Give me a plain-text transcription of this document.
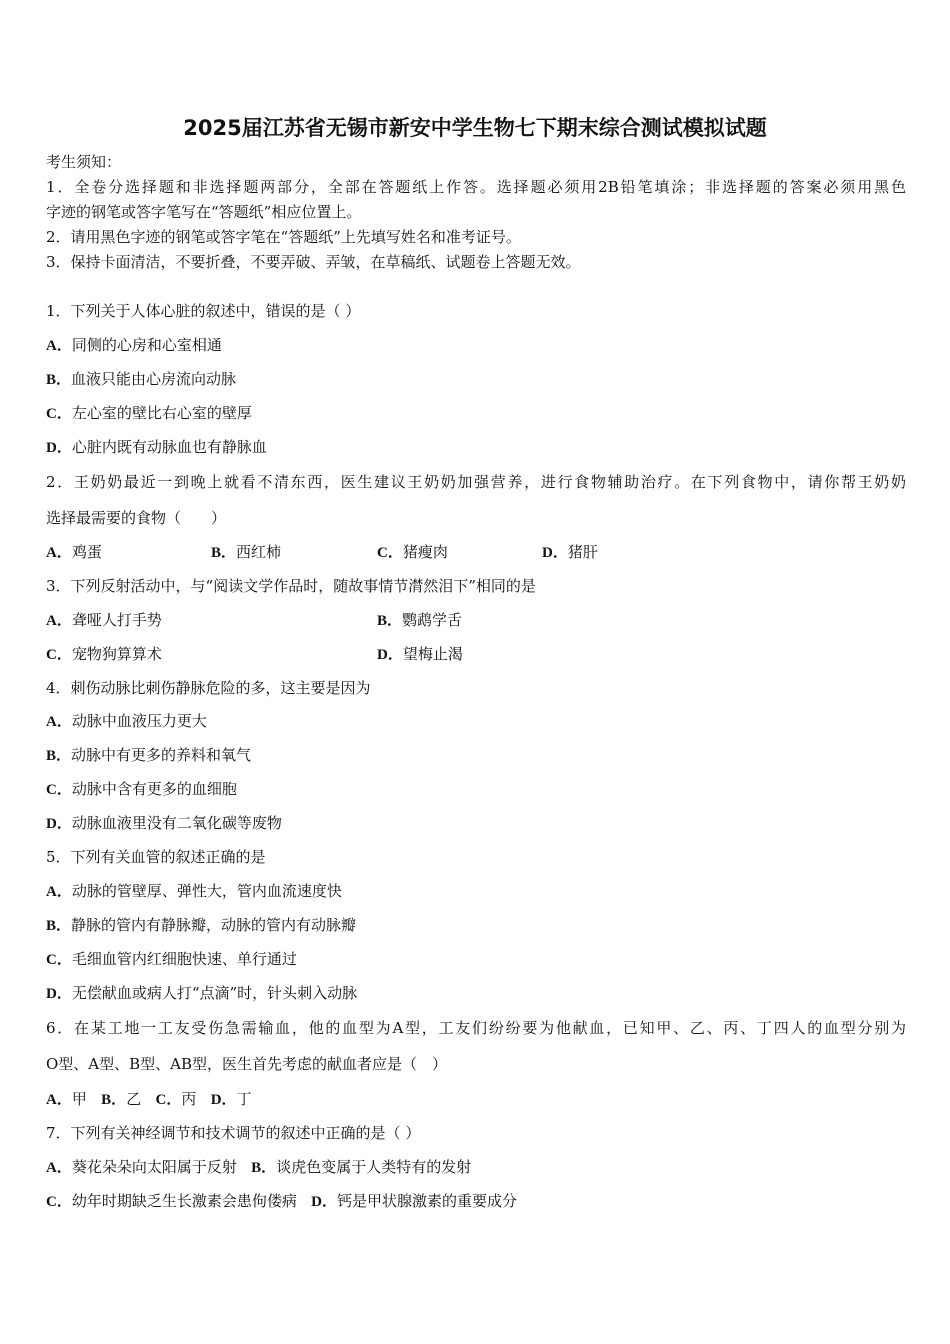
2025届江苏省无锡市新安中学生物七下期末综合测试模拟试题
考生须知：
1．全卷分选择题和非选择题两部分，全部在答题纸上作答。选择题必须用2B铅笔填涂；非选择题的答案必须用黑色
字迹的钢笔或答字笔写在“答题纸”相应位置上。
2．请用黑色字迹的钢笔或答字笔在“答题纸”上先填写姓名和准考证号。
3．保持卡面清洁，不要折叠，不要弄破、弄皱，在草稿纸、试题卷上答题无效。
1．下列关于人体心脏的叙述中，错误的是（ ）
A．同侧的心房和心室相通
B．血液只能由心房流向动脉
C．左心室的壁比右心室的壁厚
D．心脏内既有动脉血也有静脉血
2．王奶奶最近一到晚上就看不清东西，医生建议王奶奶加强营养，进行食物辅助治疗。在下列食物中，请你帮王奶奶
选择最需要的食物（　　）
A．鸡蛋	B．西红柿	C．猪瘦肉	D．猪肝
3．下列反射活动中，与“阅读文学作品时，随故事情节潸然泪下”相同的是
A．聋哑人打手势	B．鹦鹉学舌
C．宠物狗算算术	D．望梅止渴
4．刺伤动脉比刺伤静脉危险的多，这主要是因为
A．动脉中血液压力更大
B．动脉中有更多的养料和氧气
C．动脉中含有更多的血细胞
D．动脉血液里没有二氧化碳等废物
5．下列有关血管的叙述正确的是
A．动脉的管壁厚、弹性大，管内血流速度快
B．静脉的管内有静脉瓣，动脉的管内有动脉瓣
C．毛细血管内红细胞快速、单行通过
D．无偿献血或病人打“点滴”时，针头刺入动脉
6．在某工地一工友受伤急需输血，他的血型为A型，工友们纷纷要为他献血，已知甲、乙、丙、丁四人的血型分别为
O型、A型、B型、AB型，医生首先考虑的献血者应是（　）
A．甲 B．乙 C．丙 D．丁
7．下列有关神经调节和技术调节的叙述中正确的是（ ）
A．葵花朵朵向太阳属于反射 B．谈虎色变属于人类特有的发射
C．幼年时期缺乏生长激素会患佝偻病 D．钙是甲状腺激素的重要成分
